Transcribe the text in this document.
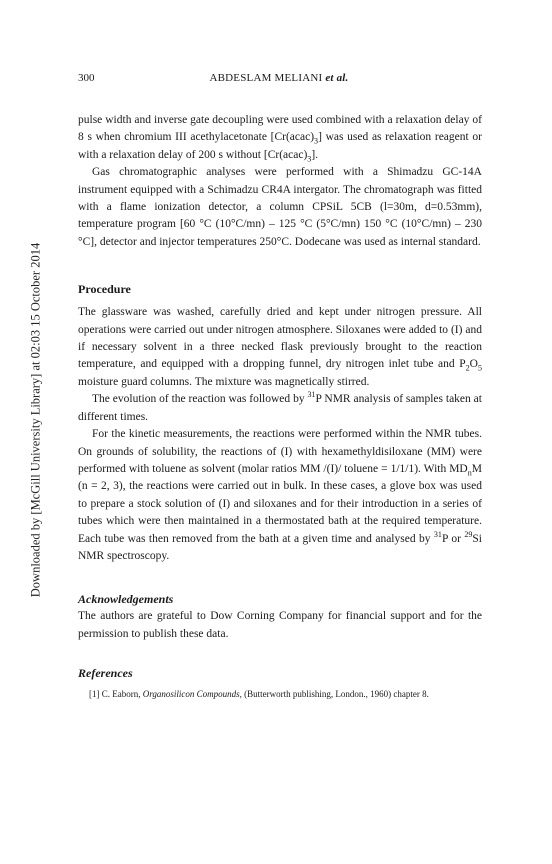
Downloaded by [McGill University Library] at 02:03 15 October 2014
300	ABDESLAM MELIANI et al.

pulse width and inverse gate decoupling were used combined with a relaxation delay of 8 s when chromium III acethylacetonate $[Cr(acac)_3]$ was used as relaxation reagent or with a relaxation delay of 200 s without $[Cr(acac)_3]$.

Gas chromatographic analyses were performed with a Shimadzu GC-14A instrument equipped with a Schimadzu CR4A intergator. The chromatograph was fitted with a flame ionization detector, a column CPSiL 5CB (l=30m, d=0.53mm), temperature program [60 °C (10°C/mn) – 125 °C (5°C/mn) 150 °C (10°C/mn) – 230 °C], detector and injector temperatures 250°C. Dodecane was used as internal standard.

Procedure

The glassware was washed, carefully dried and kept under nitrogen pressure. All operations were carried out under nitrogen atmosphere. Siloxanes were added to (I) and if necessary solvent in a three necked flask previously brought to the reaction temperature, and equipped with a dropping funnel, dry nitrogen inlet tube and $P_2O_5$ moisture guard columns. The mixture was magnetically stirred.

The evolution of the reaction was followed by $^{31}$P NMR analysis of samples taken at different times.

For the kinetic measurements, the reactions were performed within the NMR tubes. On grounds of solubility, the reactions of (I) with hexamethyldisiloxane (MM) were performed with toluene as solvent (molar ratios MM /(I)/ toluene = 1/1/1). With $MD_nM$ (n = 2, 3), the reactions were carried out in bulk. In these cases, a glove box was used to prepare a stock solution of (I) and siloxanes and for their introduction in a series of tubes which were then maintained in a thermostated bath at the required temperature. Each tube was then removed from the bath at a given time and analysed by $^{31}$P or $^{29}$Si NMR spectroscopy.

Acknowledgements

The authors are grateful to Dow Corning Company for financial support and for the permission to publish these data.

References

[1] C. Eaborn, Organosilicon Compounds, (Butterworth publishing, London., 1960) chapter 8.
